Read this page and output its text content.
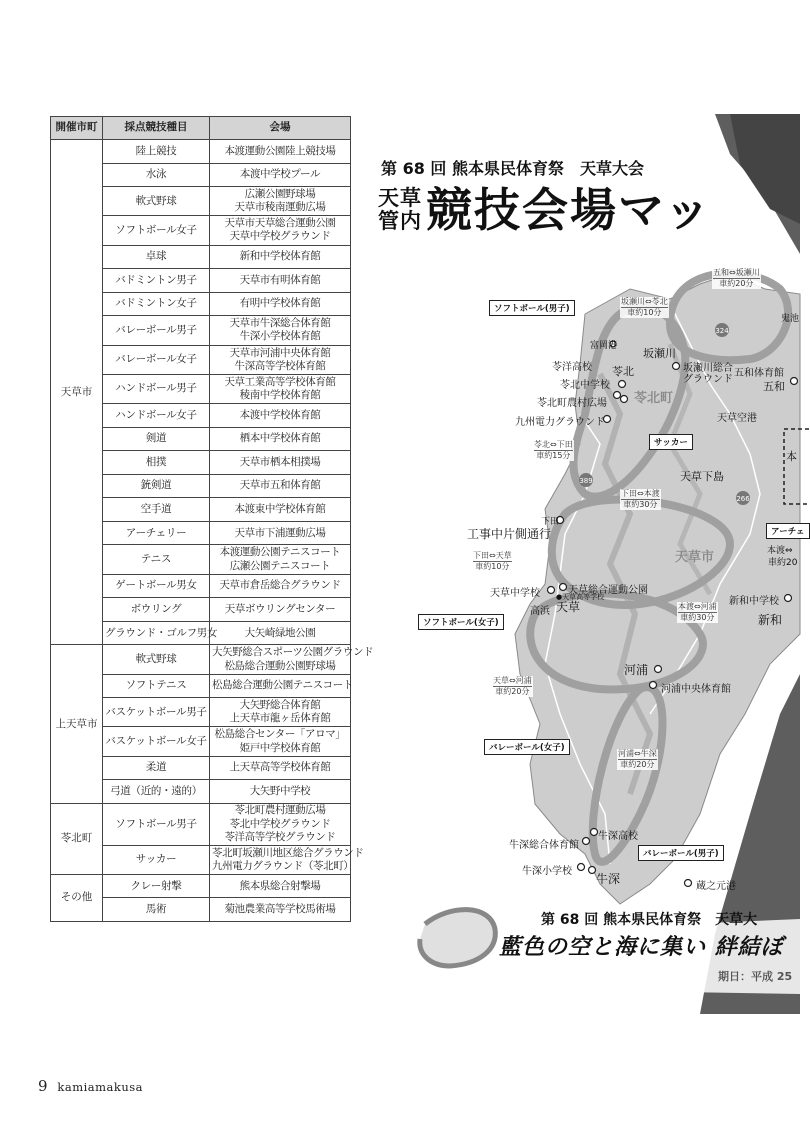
開催市町	採点競技種目	会場
天草市	陸上競技	本渡運動公園陸上競技場

	水泳	本渡中学校プール

	軟式野球	広瀬公園野球場
天草市稜南運動広場

	ソフトボール女子	天草市天草総合運動公園
天草中学校グラウンド

	卓球	新和中学校体育館

	バドミントン男子	天草市有明体育館

	バドミントン女子	有明中学校体育館

	バレーボール男子	天草市牛深総合体育館
牛深小学校体育館

	バレーボール女子	天草市河浦中央体育館
牛深高等学校体育館

	ハンドボール男子	天草工業高等学校体育館
稜南中学校体育館

	ハンドボール女子	本渡中学校体育館

	剣道	栖本中学校体育館

	相撲	天草市栖本相撲場

	銃剣道	天草市五和体育館

	空手道	本渡東中学校体育館

	アーチェリー	天草市下浦運動広場

	テニス	本渡運動公園テニスコート
広瀬公園テニスコート

	ゲートボール男女	天草市倉岳総合グラウンド

	ボウリング	天草ボウリングセンター

	グラウンド・ゴルフ男女	大矢崎緑地公園

上天草市	軟式野球	大矢野総合スポーツ公園グラウンド
松島総合運動公園野球場

	ソフトテニス	松島総合運動公園テニスコート

	バスケットボール男子	大矢野総合体育館
上天草市龍ヶ岳体育館

	バスケットボール女子	松島総合センター「アロマ」
姫戸中学校体育館

	柔道	上天草高等学校体育館

	弓道（近的・遠的）	大矢野中学校

苓北町	ソフトボール男子	苓北町農村運動広場
苓北中学校グラウンド
苓洋高等学校グラウンド

	サッカー	苓北町坂瀬川地区総合グラウンド
九州電力グラウンド（苓北町）

その他	クレー射撃	熊本県総合射撃場

	馬術	菊池農業高等学校馬術場
9 kamiamakusa
324
389
266
ソフトボール(男子)
サッカー
ソフトボール(女子)
バレーボール(女子)
バレーボール(男子)
アーチェ
第 68 回 熊本県民体育祭　天草大会
天草
管内 競技会場マッ
苓北町
天草市
天草下島
富岡港
苓洋高校 苓北
苓北中学校
苓北町農村広場
九州電力グラウンド
坂瀬川
坂瀬川総合
グラウンド
五和体育館
五和
鬼池
天草空港
本
下田
工事中片側通行
天草中学校	天草総合運動公園
●天草高等学校
高浜 天草	新和中学校
新和
河浦
河浦中央体育館
牛深総合体育館
牛深高校
牛深小学校
牛深
蔵之元港
本渡⇔
車約20
五和⇔坂瀬川
車約20分
坂瀬川⇔苓北
車約10分
苓北⇔下田
車約15分
下田⇔本渡
車約30分
下田⇔天草
車約10分
本渡⇔河浦
車約30分
天草⇔河浦
車約20分
河浦⇔牛深
車約20分
第 68 回 熊本県民体育祭　天草大
藍色の空と海に集い 絆結ぼ
期日：平成 25
